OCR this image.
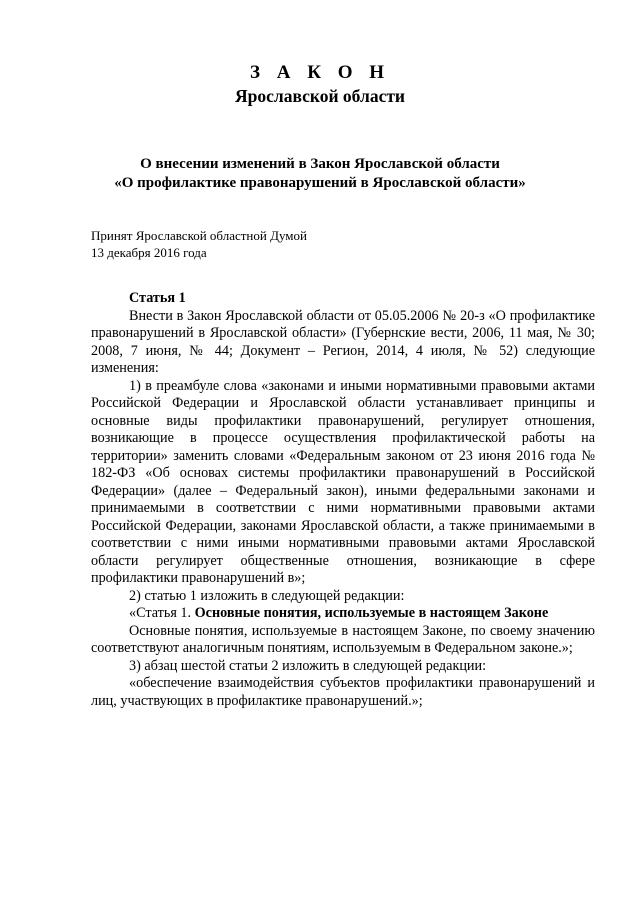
З А К О Н
Ярославской области
О внесении изменений в Закон Ярославской области
«О профилактике правонарушений в Ярославской области»
Принят Ярославской областной Думой
13 декабря 2016 года

Статья 1

Внести в Закон Ярославской области от 05.05.2006 № 20-з «О профилактике правонарушений в Ярославской области» (Губернские вести, 2006, 11 мая, № 30; 2008, 7 июня, № 44; Документ – Регион, 2014, 4 июля, № 52) следующие изменения:

1) в преамбуле слова «законами и иными нормативными правовыми актами Российской Федерации и Ярославской области устанавливает принципы и основные виды профилактики правонарушений, регулирует отношения, возникающие в процессе осуществления профилактической работы на территории» заменить словами «Федеральным законом от 23 июня 2016 года № 182-ФЗ «Об основах системы профилактики правонарушений в Российской Федерации» (далее – Федеральный закон), иными федеральными законами и принимаемыми в соответствии с ними нормативными правовыми актами Российской Федерации, законами Ярославской области, а также принимаемыми в соответствии с ними иными нормативными правовыми актами Ярославской области регулирует общественные отношения, возникающие в сфере профилактики правонарушений в»;

2) статью 1 изложить в следующей редакции:

«Статья 1. Основные понятия, используемые в настоящем Законе

Основные понятия, используемые в настоящем Законе, по своему значению соответствуют аналогичным понятиям, используемым в Федеральном законе.»;

3) абзац шестой статьи 2 изложить в следующей редакции:

«обеспечение взаимодействия субъектов профилактики правонарушений и лиц, участвующих в профилактике правонарушений.»;
